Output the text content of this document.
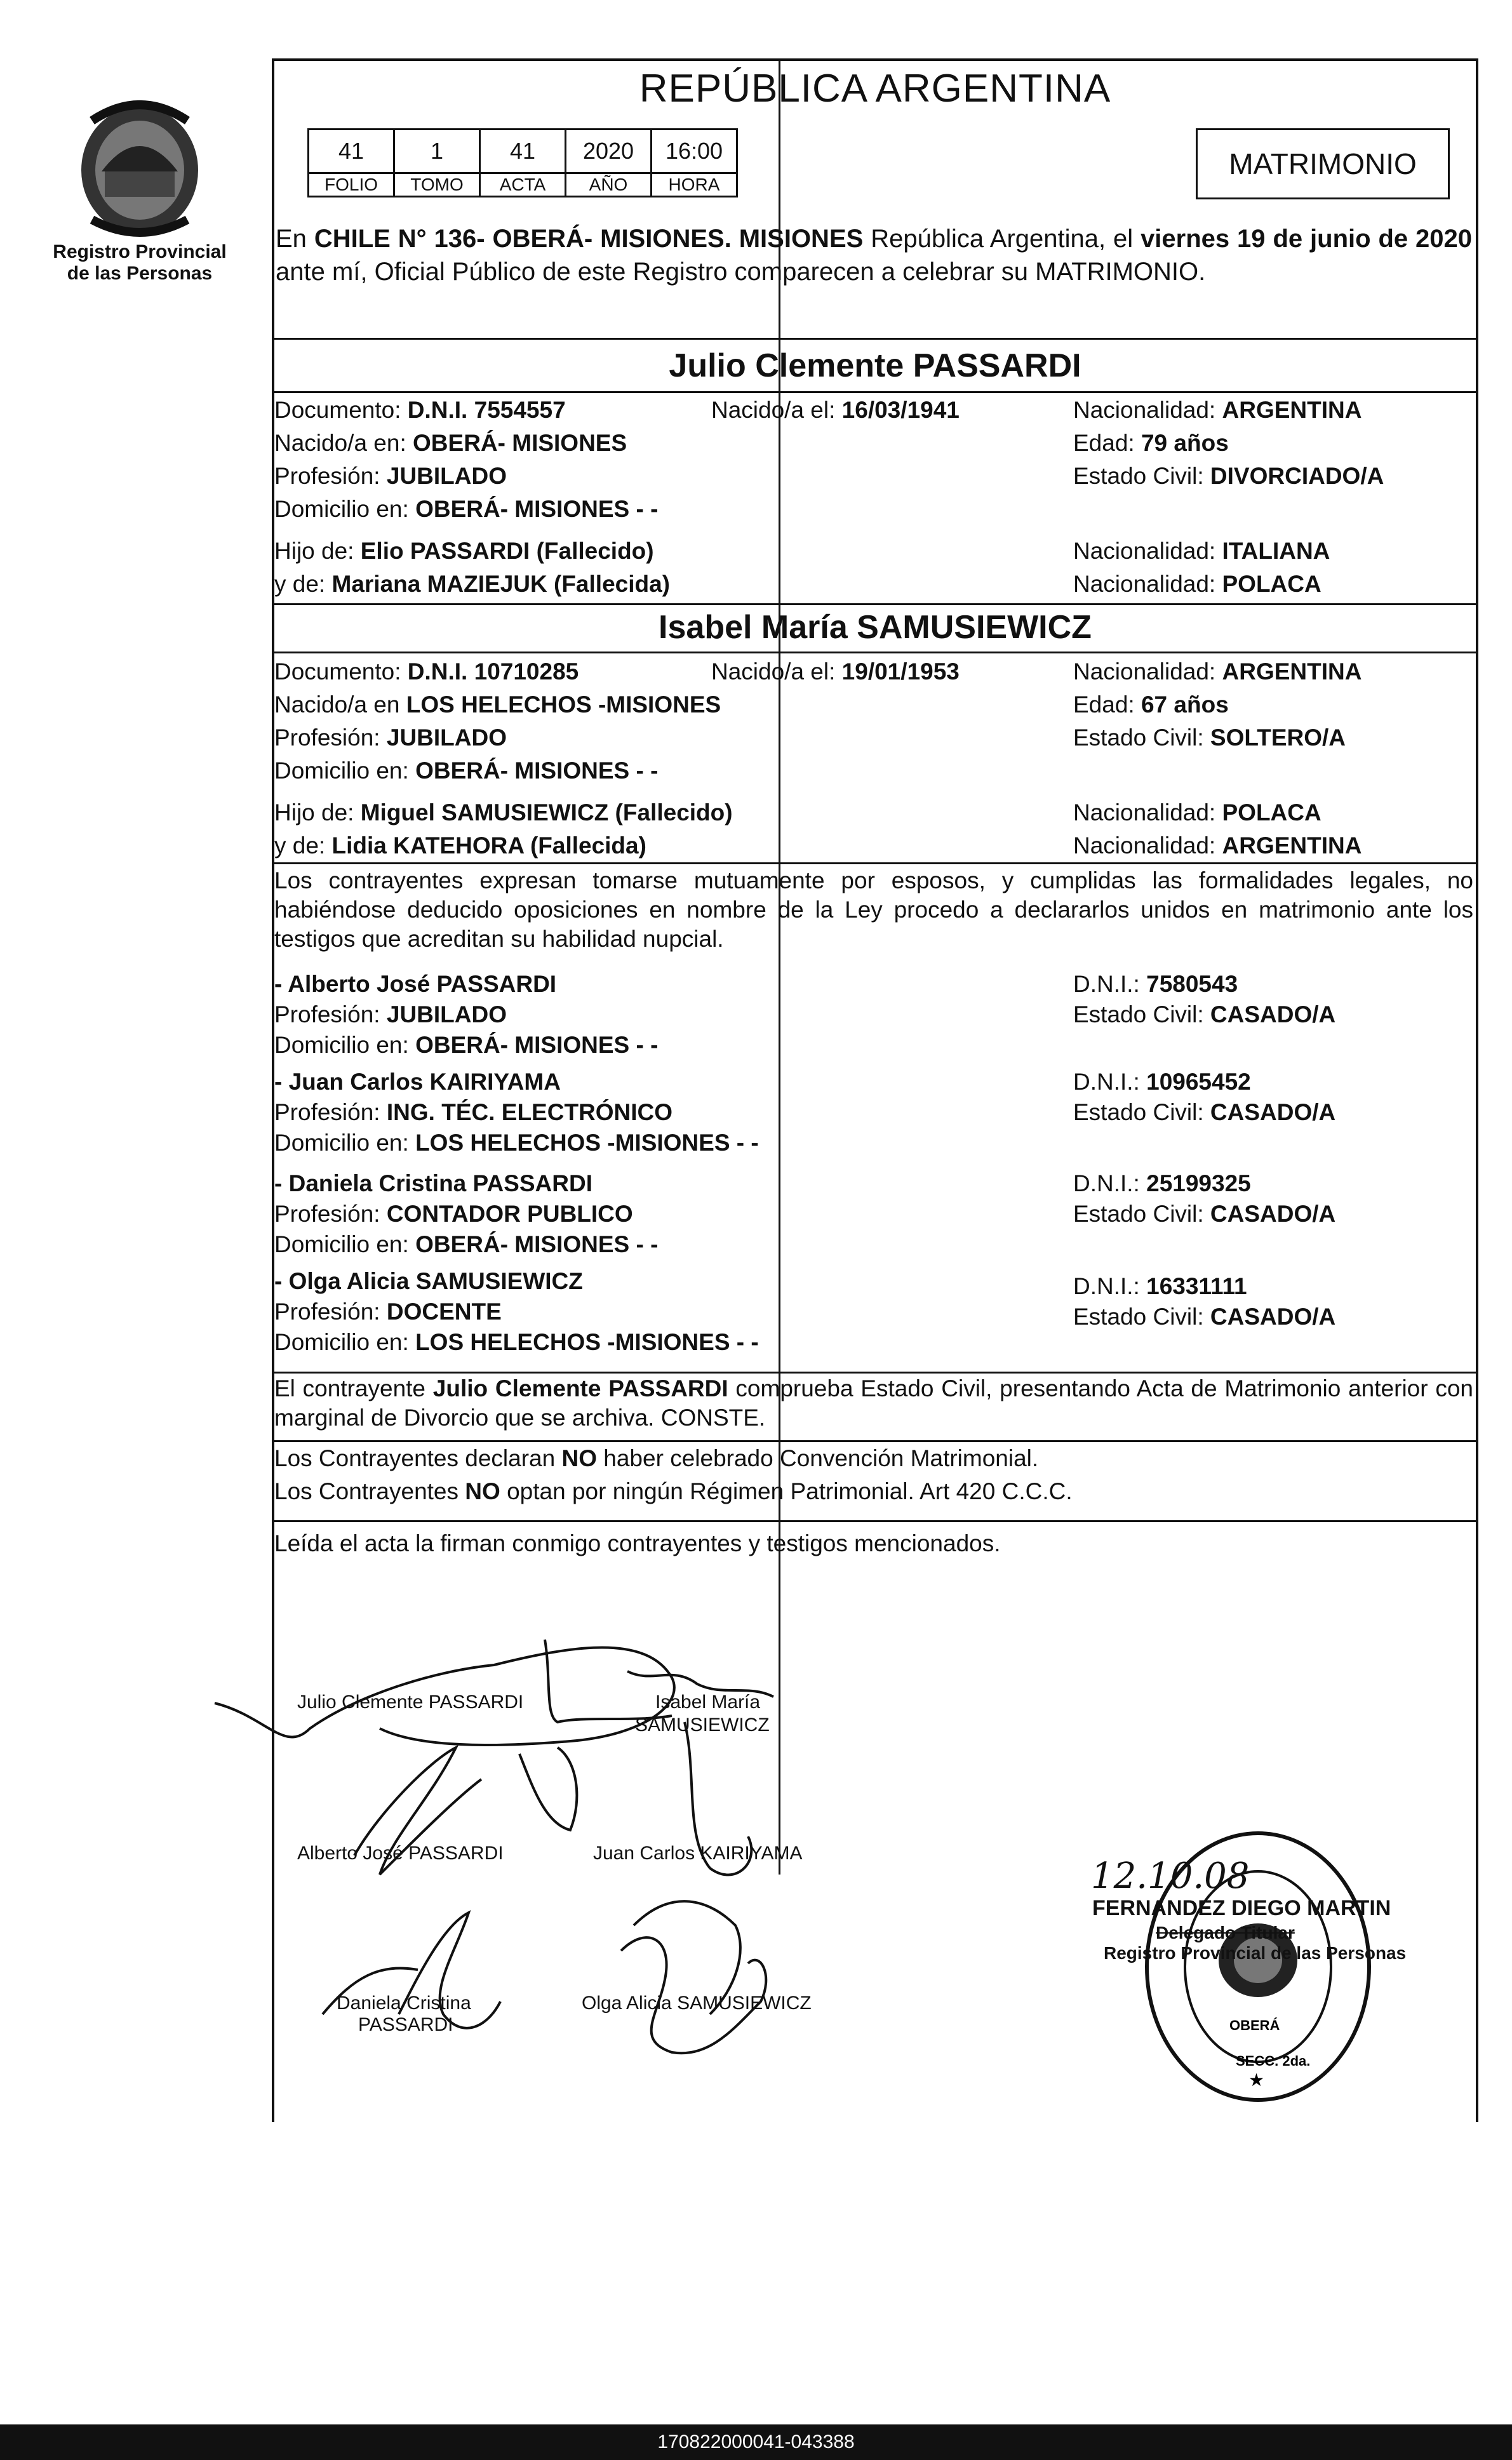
Registro Provincial
de las Personas
REPÚBLICA ARGENTINA
41	1	41	2020	16:00
FOLIO	TOMO	ACTA	AÑO	HORA
MATRIMONIO
En CHILE N° 136- OBERÁ- MISIONES. MISIONES República Argentina, el viernes 19 de junio de 2020 ante mí, Oficial Público de este Registro comparecen a celebrar su MATRIMONIO.
Julio Clemente PASSARDI
Documento: D.N.I. 7554557	Nacido/a el: 16/03/1941	Nacionalidad: ARGENTINA
Nacido/a en: OBERÁ- MISIONES	Edad: 79 años
Profesión: JUBILADO	Estado Civil: DIVORCIADO/A
Domicilio en: OBERÁ- MISIONES - -
Hijo de: Elio PASSARDI (Fallecido)	Nacionalidad: ITALIANA
y de: Mariana MAZIEJUK (Fallecida)	Nacionalidad: POLACA
Isabel María SAMUSIEWICZ
Documento: D.N.I. 10710285	Nacido/a el: 19/01/1953	Nacionalidad: ARGENTINA
Nacido/a en LOS HELECHOS -MISIONES	Edad: 67 años
Profesión: JUBILADO	Estado Civil: SOLTERO/A
Domicilio en: OBERÁ- MISIONES - -
Hijo de: Miguel SAMUSIEWICZ (Fallecido)	Nacionalidad: POLACA
y de: Lidia KATEHORA (Fallecida)	Nacionalidad: ARGENTINA
Los contrayentes expresan tomarse mutuamente por esposos, y cumplidas las formalidades legales, no habiéndose deducido oposiciones en nombre de la Ley procedo a declararlos unidos en matrimonio ante los testigos que acreditan su habilidad nupcial.
- Alberto José PASSARDI	D.N.I.: 7580543
Profesión: JUBILADO	Estado Civil: CASADO/A
Domicilio en: OBERÁ- MISIONES - -
- Juan Carlos KAIRIYAMA	D.N.I.: 10965452
Profesión: ING. TÉC. ELECTRÓNICO	Estado Civil: CASADO/A
Domicilio en: LOS HELECHOS -MISIONES - -
- Daniela Cristina PASSARDI	D.N.I.: 25199325
Profesión: CONTADOR PUBLICO	Estado Civil: CASADO/A
Domicilio en: OBERÁ- MISIONES - -
- Olga Alicia SAMUSIEWICZ	D.N.I.: 16331111
Profesión: DOCENTE	Estado Civil: CASADO/A
Domicilio en: LOS HELECHOS -MISIONES - -
El contrayente Julio Clemente PASSARDI comprueba Estado Civil, presentando Acta de Matrimonio anterior con marginal de Divorcio que se archiva. CONSTE.
Los Contrayentes declaran NO haber celebrado Convención Matrimonial.
Los Contrayentes NO optan por ningún Régimen Patrimonial. Art 420 C.C.C.
Leída el acta la firman conmigo contrayentes y testigos mencionados.
Julio Clemente PASSARDI	Isabel María
SAMUSIEWICZ
Alberto José PASSARDI	Juan Carlos KAIRIYAMA
Daniela Cristina
PASSARDI
Olga Alicia SAMUSIEWICZ
OBERÁ
SECC. 2da.
★
12.10.08
FERNANDEZ DIEGO MARTIN
Delegado Titular
Registro Provincial de las Personas
170822000041-043388
